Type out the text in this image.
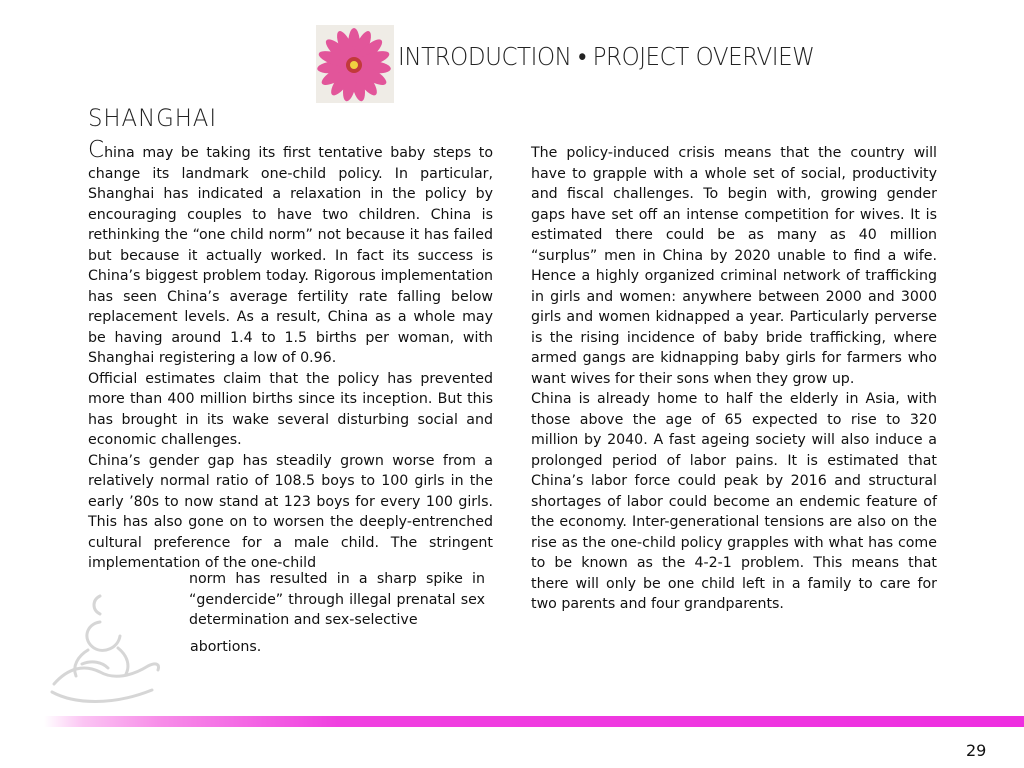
INTRODUCTION • PROJECT OVERVIEW
SHANGHAI

China may be taking its first tentative baby steps to change its landmark one-child policy. In particular, Shanghai has indicated a relaxation in the policy by encouraging couples to have two children. China is rethinking the “one child norm” not because it has failed but because it actually worked. In fact its success is China’s biggest problem today. Rigorous implementation has seen China’s average fertility rate falling below replacement levels. As a result, China as a whole may be having around 1.4 to 1.5 births per woman, with Shanghai registering a low of 0.96.

Official estimates claim that the policy has prevented more than 400 million births since its inception. But this has brought in its wake several disturbing social and economic challenges.

China’s gender gap has steadily grown worse from a relatively normal ratio of 108.5 boys to 100 girls in the early ’80s to now stand at 123 boys for every 100 girls. This has also gone on to worsen the deeply-entrenched cultural preference for a male child. The stringent implementation of the one-child

norm has resulted in a sharp spike in “gendercide” through illegal prenatal sex determination and sex-selective
abortions.

The policy-induced crisis means that the country will have to grapple with a whole set of social, productivity and fiscal challenges. To begin with, growing gender gaps have set off an intense competition for wives. It is estimated there could be as many as 40 million “surplus” men in China by 2020 unable to find a wife. Hence a highly organized criminal network of trafficking in girls and women: anywhere between 2000 and 3000 girls and women kidnapped a year. Particularly perverse is the rising incidence of baby bride trafficking, where armed gangs are kidnapping baby girls for farmers who want wives for their sons when they grow up.

China is already home to half the elderly in Asia, with those above the age of 65 expected to rise to 320 million by 2040. A fast ageing society will also induce a prolonged period of labor pains. It is estimated that China’s labor force could peak by 2016 and structural shortages of labor could become an endemic feature of the economy. Inter-generational tensions are also on the rise as the one-child policy grapples with what has come to be known as the 4-2-1 problem. This means that there will only be one child left in a family to care for two parents and four grandparents.

29
